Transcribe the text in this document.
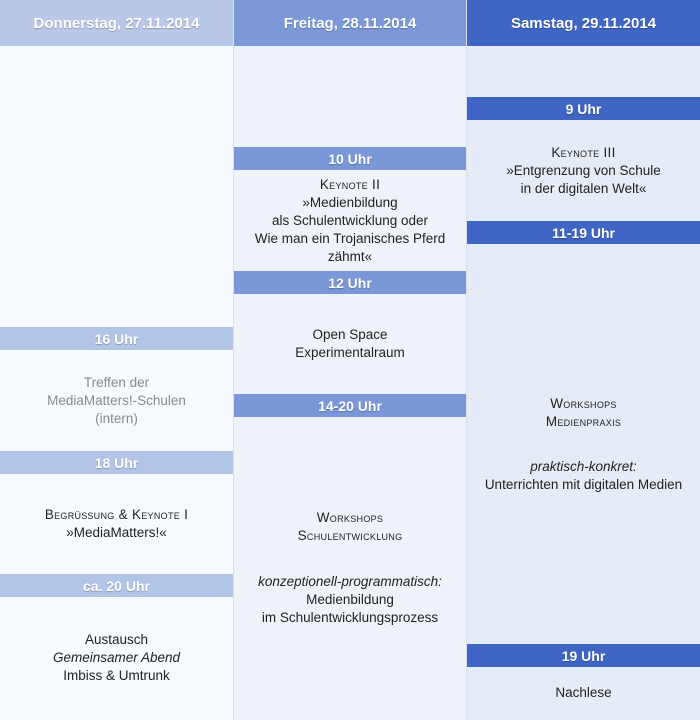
Donnerstag, 27.11.2014
16 Uhr
Treffen der
MediaMatters!-Schulen
(intern)
18 Uhr
Begrüßung & Keynote I
»MediaMatters!«
ca. 20 Uhr
Austausch
Gemeinsamer Abend
Imbiss & Umtrunk
Freitag, 28.11.2014
10 Uhr
Keynote II
»Medienbildung
als Schulentwicklung oder
Wie man ein Trojanisches Pferd
zähmt«
12 Uhr
Open Space
Experimentalraum
14-20 Uhr
Workshops
Schulentwicklung
konzeptionell-programmatisch:
Medienbildung
im Schulentwicklungsprozess
Samstag, 29.11.2014
9 Uhr
Keynote III
»Entgrenzung von Schule
in der digitalen Welt«
11-19 Uhr
Workshops
Medienpraxis
praktisch-konkret:
Unterrichten mit digitalen Medien
19 Uhr
Nachlese
